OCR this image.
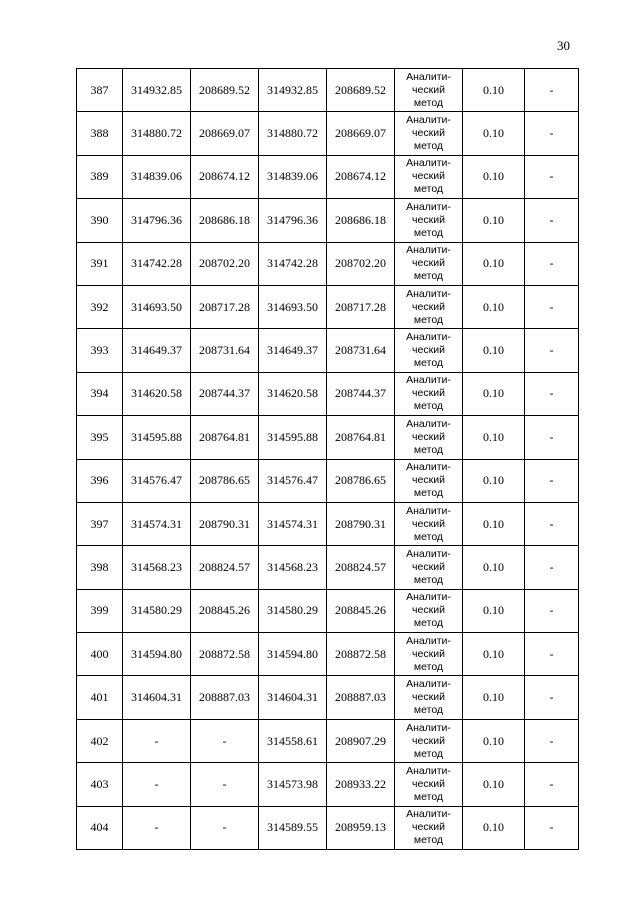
30
387	314932.85	208689.52	314932.85	208689.52	Аналити-
ческий
метод	0.10	-
388	314880.72	208669.07	314880.72	208669.07	Аналити-
ческий
метод	0.10	-
389	314839.06	208674.12	314839.06	208674.12	Аналити-
ческий
метод	0.10	-
390	314796.36	208686.18	314796.36	208686.18	Аналити-
ческий
метод	0.10	-
391	314742.28	208702.20	314742.28	208702.20	Аналити-
ческий
метод	0.10	-
392	314693.50	208717.28	314693.50	208717.28	Аналити-
ческий
метод	0.10	-
393	314649.37	208731.64	314649.37	208731.64	Аналити-
ческий
метод	0.10	-
394	314620.58	208744.37	314620.58	208744.37	Аналити-
ческий
метод	0.10	-
395	314595.88	208764.81	314595.88	208764.81	Аналити-
ческий
метод	0.10	-
396	314576.47	208786.65	314576.47	208786.65	Аналити-
ческий
метод	0.10	-
397	314574.31	208790.31	314574.31	208790.31	Аналити-
ческий
метод	0.10	-
398	314568.23	208824.57	314568.23	208824.57	Аналити-
ческий
метод	0.10	-
399	314580.29	208845.26	314580.29	208845.26	Аналити-
ческий
метод	0.10	-
400	314594.80	208872.58	314594.80	208872.58	Аналити-
ческий
метод	0.10	-
401	314604.31	208887.03	314604.31	208887.03	Аналити-
ческий
метод	0.10	-
402	-	-	314558.61	208907.29	Аналити-
ческий
метод	0.10	-
403	-	-	314573.98	208933.22	Аналити-
ческий
метод	0.10	-
404	-	-	314589.55	208959.13	Аналити-
ческий
метод	0.10	-
